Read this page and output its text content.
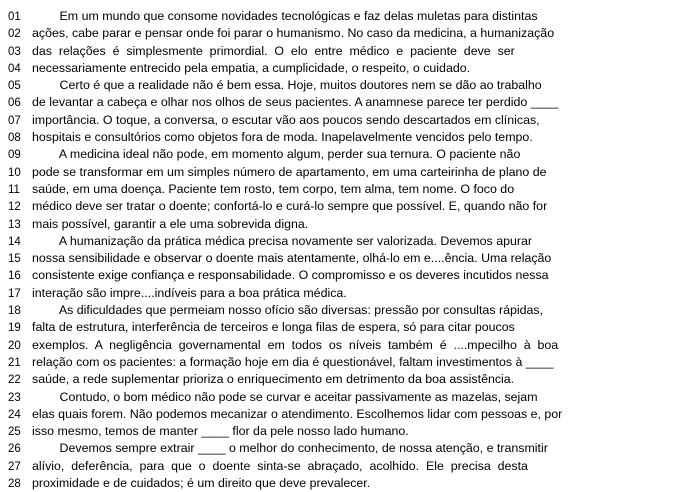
01 Em um mundo que consome novidades tecnológicas e faz delas muletas para distintas
02 ações, cabe parar e pensar onde foi parar o humanismo. No caso da medicina, a humanização
03 das  relações  é  simplesmente  primordial.  O  elo  entre  médico  e  paciente  deve  ser
04 necessariamente entrecido pela empatia, a cumplicidade, o respeito, o cuidado.
05 Certo é que a realidade não é bem essa. Hoje, muitos doutores nem se dão ao trabalho
06 de levantar a cabeça e olhar nos olhos de seus pacientes. A anamnese parece ter perdido ____
07 importância. O toque, a conversa, o escutar vão aos poucos sendo descartados em clínicas,
08 hospitais e consultórios como objetos fora de moda. Inapelavelmente vencidos pelo tempo.
09 A medicina ideal não pode, em momento algum, perder sua ternura. O paciente não
10 pode se transformar em um simples número de apartamento, em uma carteirinha de plano de
11 saúde, em uma doença. Paciente tem rosto, tem corpo, tem alma, tem nome. O foco do
12 médico deve ser tratar o doente; confortá-lo e curá-lo sempre que possível. E, quando não for
13 mais possível, garantir a ele uma sobrevida digna.
14 A humanização da prática médica precisa novamente ser valorizada. Devemos apurar
15 nossa sensibilidade e observar o doente mais atentamente, olhá-lo em e....ência. Uma relação
16 consistente exige confiança e responsabilidade. O compromisso e os deveres incutidos nessa
17 interação são impre....indíveis para a boa prática médica.
18 As dificuldades que permeiam nosso ofício são diversas: pressão por consultas rápidas,
19 falta de estrutura, interferência de terceiros e longa filas de espera, só para citar poucos
20 exemplos.  A  negligência  governamental  em  todos  os  níveis  também  é  ....mpecilho  à  boa
21 relação com os pacientes: a formação hoje em dia é questionável, faltam investimentos à ____
22 saúde, a rede suplementar prioriza o enriquecimento em detrimento da boa assistência.
23 Contudo, o bom médico não pode se curvar e aceitar passivamente as mazelas, sejam
24 elas quais forem. Não podemos mecanizar o atendimento. Escolhemos lidar com pessoas e, por
25 isso mesmo, temos de manter ____ flor da pele nosso lado humano.
26 Devemos sempre extrair ____ o melhor do conhecimento, de nossa atenção, e transmitir
27 alívio,  deferência,  para  que  o  doente  sinta-se  abraçado,  acolhido.  Ele  precisa  desta
28 proximidade e de cuidados; é um direito que deve prevalecer.
